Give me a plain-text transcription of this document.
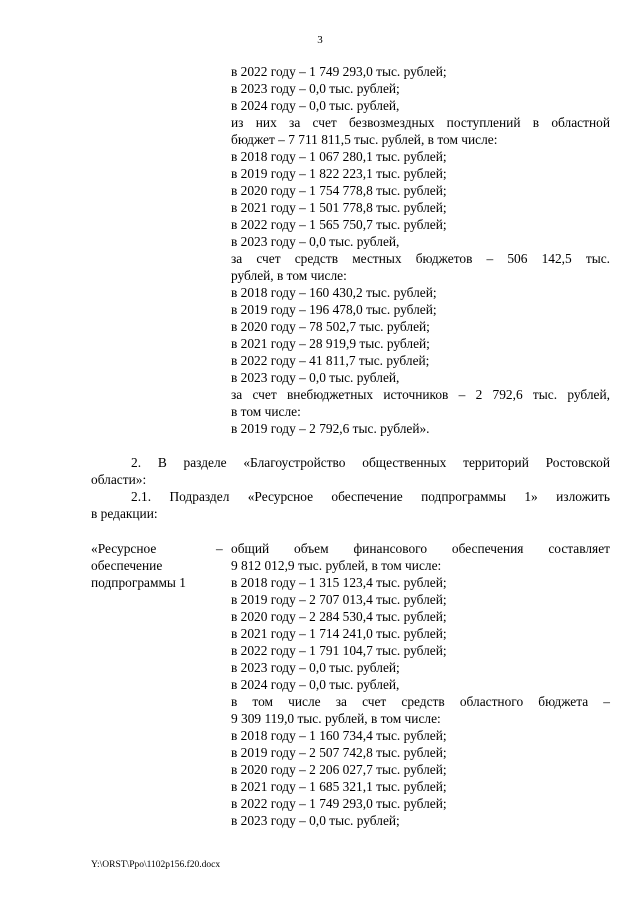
3
в 2022 году – 1 749 293,0 тыс. рублей;
в 2023 году – 0,0 тыс. рублей;
в 2024 году – 0,0 тыс. рублей,
из них за счет безвозмездных поступлений в областной
бюджет – 7 711 811,5 тыс. рублей, в том числе:
в 2018 году – 1 067 280,1 тыс. рублей;
в 2019 году – 1 822 223,1 тыс. рублей;
в 2020 году – 1 754 778,8 тыс. рублей;
в 2021 году – 1 501 778,8 тыс. рублей;
в 2022 году – 1 565 750,7 тыс. рублей;
в 2023 году – 0,0 тыс. рублей,
за счет средств местных бюджетов – 506 142,5 тыс.
рублей, в том числе:
в 2018 году – 160 430,2 тыс. рублей;
в 2019 году – 196 478,0 тыс. рублей;
в 2020 году – 78 502,7 тыс. рублей;
в 2021 году – 28 919,9 тыс. рублей;
в 2022 году – 41 811,7 тыс. рублей;
в 2023 году – 0,0 тыс. рублей,
за счет внебюджетных источников – 2 792,6 тыс. рублей,
в том числе:
в 2019 году – 2 792,6 тыс. рублей».
2. В разделе «Благоустройство общественных территорий Ростовской
области»:
2.1. Подраздел «Ресурсное обеспечение подпрограммы 1» изложить
в редакции:
«Ресурсное
обеспечение
подпрограммы 1
– общий объем финансового обеспечения составляет
9 812 012,9 тыс. рублей, в том числе:
в 2018 году – 1 315 123,4 тыс. рублей;
в 2019 году – 2 707 013,4 тыс. рублей;
в 2020 году – 2 284 530,4 тыс. рублей;
в 2021 году – 1 714 241,0 тыс. рублей;
в 2022 году – 1 791 104,7 тыс. рублей;
в 2023 году – 0,0 тыс. рублей;
в 2024 году – 0,0 тыс. рублей,
в том числе за счет средств областного бюджета –
9 309 119,0 тыс. рублей, в том числе:
в 2018 году – 1 160 734,4 тыс. рублей;
в 2019 году – 2 507 742,8 тыс. рублей;
в 2020 году – 2 206 027,7 тыс. рублей;
в 2021 году – 1 685 321,1 тыс. рублей;
в 2022 году – 1 749 293,0 тыс. рублей;
в 2023 году – 0,0 тыс. рублей;
Y:\ORST\Ppo\1102p156.f20.docx
